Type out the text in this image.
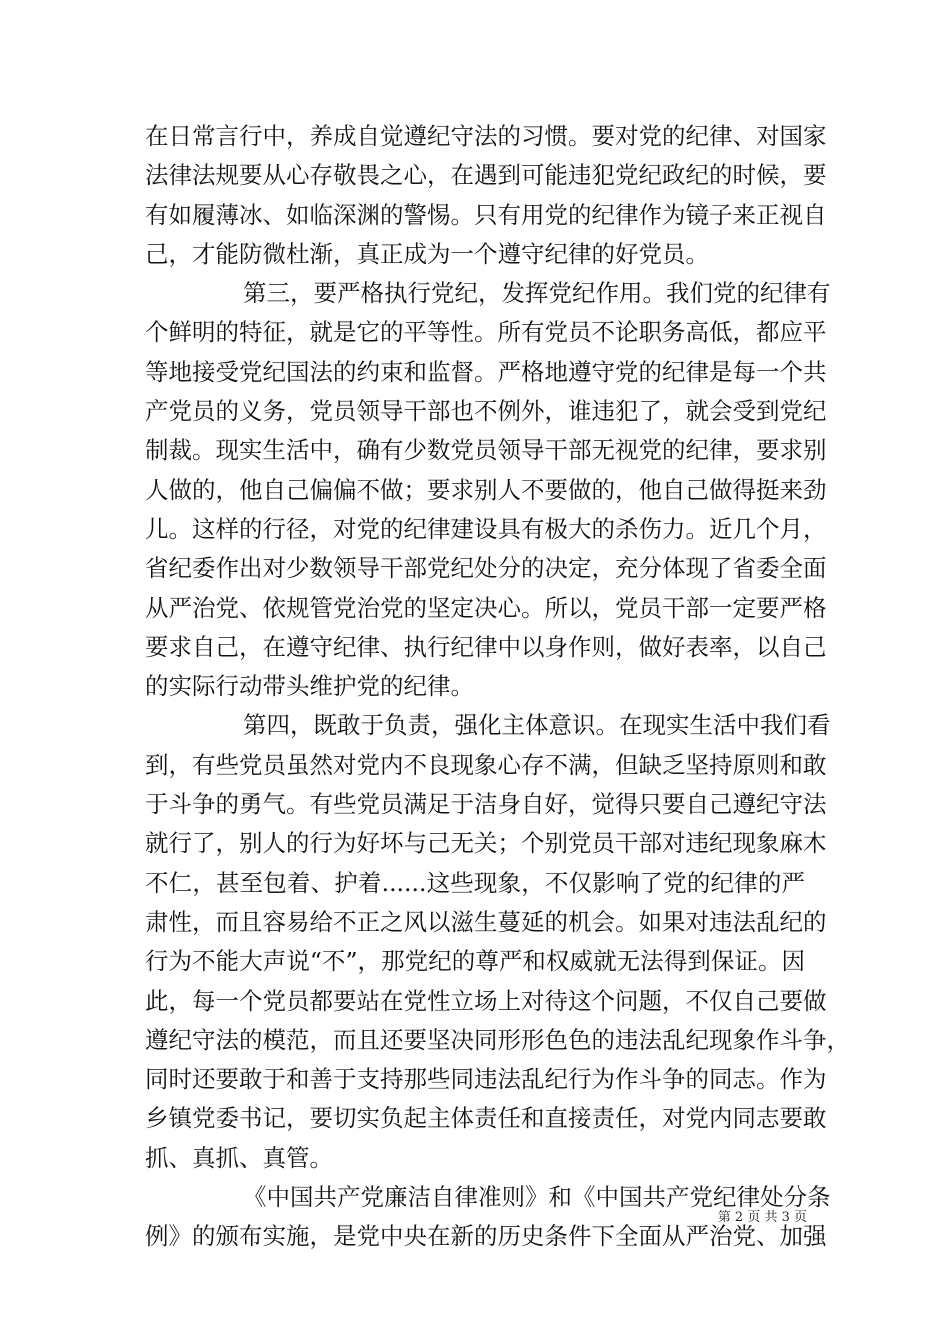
在日常言行中，养成自觉遵纪守法的习惯。要对党的纪律、对国家
法律法规要从心存敬畏之心，在遇到可能违犯党纪政纪的时候，要
有如履薄冰、如临深渊的警惕。只有用党的纪律作为镜子来正视自
己，才能防微杜渐，真正成为一个遵守纪律的好党员。
第三，要严格执行党纪，发挥党纪作用。我们党的纪律有
个鲜明的特征，就是它的平等性。所有党员不论职务高低，都应平
等地接受党纪国法的约束和监督。严格地遵守党的纪律是每一个共
产党员的义务，党员领导干部也不例外，谁违犯了，就会受到党纪
制裁。现实生活中，确有少数党员领导干部无视党的纪律，要求别
人做的，他自己偏偏不做；要求别人不要做的，他自己做得挺来劲
儿。这样的行径，对党的纪律建设具有极大的杀伤力。近几个月，
省纪委作出对少数领导干部党纪处分的决定，充分体现了省委全面
从严治党、依规管党治党的坚定决心。所以，党员干部一定要严格
要求自己，在遵守纪律、执行纪律中以身作则，做好表率，以自己
的实际行动带头维护党的纪律。
第四，既敢于负责，强化主体意识。在现实生活中我们看
到，有些党员虽然对党内不良现象心存不满，但缺乏坚持原则和敢
于斗争的勇气。有些党员满足于洁身自好，觉得只要自己遵纪守法
就行了，别人的行为好坏与己无关；个别党员干部对违纪现象麻木
不仁，甚至包着、护着......这些现象，不仅影响了党的纪律的严
肃性，而且容易给不正之风以滋生蔓延的机会。如果对违法乱纪的
行为不能大声说“不”，那党纪的尊严和权威就无法得到保证。因
此，每一个党员都要站在党性立场上对待这个问题，不仅自己要做
遵纪守法的模范，而且还要坚决同形形色色的违法乱纪现象作斗争，
同时还要敢于和善于支持那些同违法乱纪行为作斗争的同志。作为
乡镇党委书记，要切实负起主体责任和直接责任，对党内同志要敢
抓、真抓、真管。
《中国共产党廉洁自律准则》和《中国共产党纪律处分条
例》的颁布实施，是党中央在新的历史条件下全面从严治党、加强
第 2 页 共 3 页
